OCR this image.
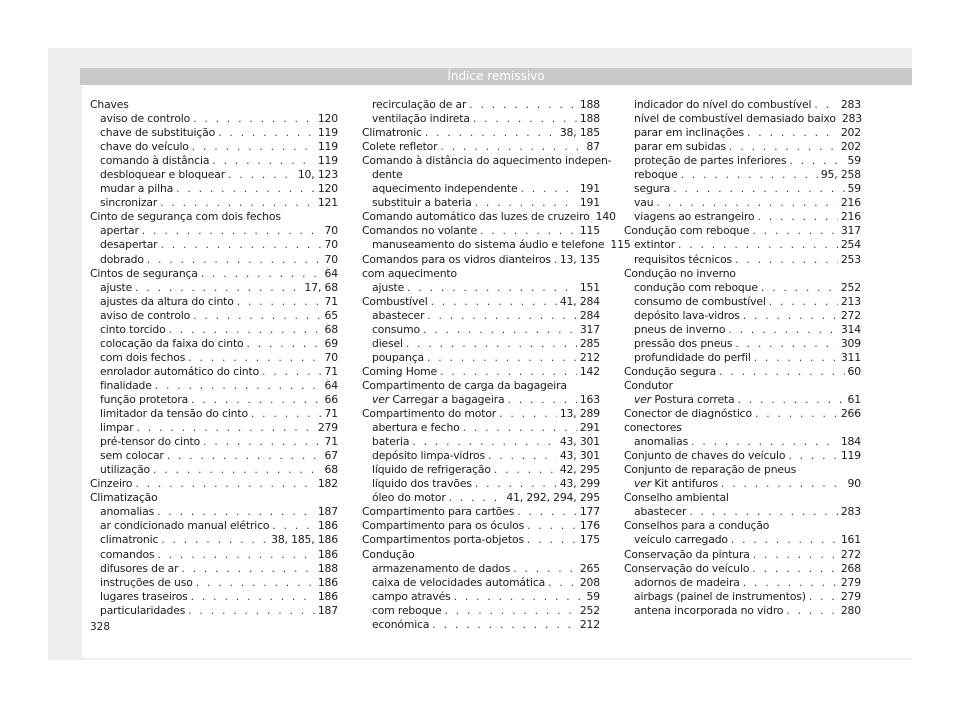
Índice remissivo
Chaves
aviso de controlo . . .	120
chave de substituição . . .	119
chave do veículo . . .	119
comando à distância . . .	119
desbloquear e bloquear . . .	10, 123
mudar a pilha . . .	120
sincronizar . . .	121
Cinto de segurança com dois fechos
apertar . . .	70
desapertar . . .	70
dobrado . . .	70
Cintos de segurança . . .	64
ajuste . . .	17, 68
ajustes da altura do cinto . . .	71
aviso de controlo . . .	65
cinto torcido . . .	68
colocação da faixa do cinto . . .	69
com dois fechos . . .	70
enrolador automático do cinto . . .	71
finalidade . . .	64
função protetora . . .	66
limitador da tensão do cinto . . .	71
limpar . . .	279
pré-tensor do cinto . . .	71
sem colocar . . .	67
utilização . . .	68
Cinzeiro . . .	182
Climatização
anomalias . . .	187
ar condicionado manual elétrico . . .	186
climatronic . . .	38, 185, 186
comandos . . .	186
difusores de ar . . .	188
instruções de uso . . .	186
lugares traseiros . . .	186
particularidades . . .	187
recirculação de ar . . .	188
ventilação indireta . . .	188
Climatronic . . .	38, 185
Colete refletor . . .	87
Comando à distância do aquecimento indepen-
dente
aquecimento independente . . .	191
substituir a bateria . . .	191
Comando automático das luzes de cruzeiro 140
Comandos no volante . . .	115
manuseamento do sistema áudio e telefone 115
Comandos para os vidros dianteiros . . . 13, 135
com aquecimento
ajuste . . .	151
Combustível . . .	41, 284
abastecer . . .	284
consumo . . .	317
diesel . . .	285
poupança . . .	212
Coming Home . . .	142
Compartimento de carga da bagageira
ver Carregar a bagageira . . .	163
Compartimento do motor . . .	13, 289
abertura e fecho . . .	291
bateria . . .	43, 301
depósito limpa-vidros . . .	43, 301
líquido de refrigeração . . .	42, 295
líquido dos travões . . .	43, 299
óleo do motor . . .	41, 292, 294, 295
Compartimento para cartões . . .	177
Compartimento para os óculos . . .	176
Compartimentos porta-objetos . . .	175
Condução
armazenamento de dados . . .	265
caixa de velocidades automática . . .	208
campo através . . .	59
com reboque . . .	252
económica . . .	212
indicador do nível do combustível . . .	283
nível de combustível demasiado baixo 283
parar em inclinações . . .	202
parar em subidas . . .	202
proteção de partes inferiores . . .	59
reboque . . .	95, 258
segura . . .	59
vau . . .	216
viagens ao estrangeiro . . .	216
Condução com reboque . . .	317
extintor . . .	254
requisitos técnicos . . .	253
Condução no inverno
condução com reboque . . .	252
consumo de combustível . . .	213
depósito lava-vidros . . .	272
pneus de inverno . . .	314
pressão dos pneus . . .	309
profundidade do perfil . . .	311
Condução segura . . .	60
Condutor
ver Postura correta . . .	61
Conector de diagnóstico . . .	266
conectores
anomalias . . .	184
Conjunto de chaves do veículo . . .	119
Conjunto de reparação de pneus
ver Kit antifuros . . .	90
Conselho ambiental
abastecer . . .	283
Conselhos para a condução
veículo carregado . . .	161
Conservação da pintura . . .	272
Conservação do veículo . . .	268
adornos de madeira . . .	279
airbags (painel de instrumentos) . . .	279
antena incorporada no vidro . . .	280
328
